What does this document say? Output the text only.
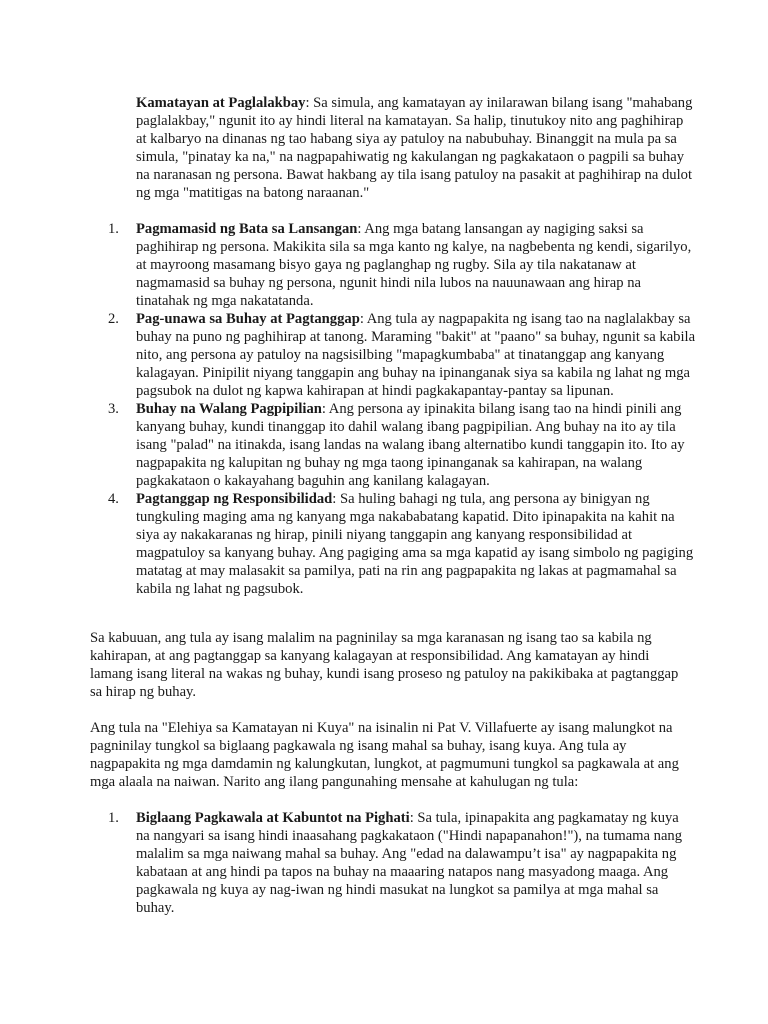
Kamatayan at Paglalakbay: Sa simula, ang kamatayan ay inilarawan bilang isang "mahabang paglalakbay," ngunit ito ay hindi literal na kamatayan. Sa halip, tinutukoy nito ang paghihirap at kalbaryo na dinanas ng tao habang siya ay patuloy na nabubuhay. Binanggit na mula pa sa simula, "pinatay ka na," na nagpapahiwatig ng kakulangan ng pagkakataon o pagpili sa buhay na naranasan ng persona. Bawat hakbang ay tila isang patuloy na pasakit at paghihirap na dulot ng mga "matitigas na batong naraanan."

1. Pagmamasid ng Bata sa Lansangan: Ang mga batang lansangan ay nagiging saksi sa paghihirap ng persona. Makikita sila sa mga kanto ng kalye, na nagbebenta ng kendi, sigarilyo, at mayroong masamang bisyo gaya ng paglanghap ng rugby. Sila ay tila nakatanaw at nagmamasid sa buhay ng persona, ngunit hindi nila lubos na nauunawaan ang hirap na tinatahak ng mga nakatatanda.
2. Pag-unawa sa Buhay at Pagtanggap: Ang tula ay nagpapakita ng isang tao na naglalakbay sa buhay na puno ng paghihirap at tanong. Maraming "bakit" at "paano" sa buhay, ngunit sa kabila nito, ang persona ay patuloy na nagsisilbing "mapagkumbaba" at tinatanggap ang kanyang kalagayan. Pinipilit niyang tanggapin ang buhay na ipinanganak siya sa kabila ng lahat ng mga pagsubok na dulot ng kapwa kahirapan at hindi pagkakapantay-pantay sa lipunan.
3. Buhay na Walang Pagpipilian: Ang persona ay ipinakita bilang isang tao na hindi pinili ang kanyang buhay, kundi tinanggap ito dahil walang ibang pagpipilian. Ang buhay na ito ay tila isang "palad" na itinakda, isang landas na walang ibang alternatibo kundi tanggapin ito. Ito ay nagpapakita ng kalupitan ng buhay ng mga taong ipinanganak sa kahirapan, na walang pagkakataon o kakayahang baguhin ang kanilang kalagayan.
4. Pagtanggap ng Responsibilidad: Sa huling bahagi ng tula, ang persona ay binigyan ng tungkuling maging ama ng kanyang mga nakababatang kapatid. Dito ipinapakita na kahit na siya ay nakakaranas ng hirap, pinili niyang tanggapin ang kanyang responsibilidad at magpatuloy sa kanyang buhay. Ang pagiging ama sa mga kapatid ay isang simbolo ng pagiging matatag at may malasakit sa pamilya, pati na rin ang pagpapakita ng lakas at pagmamahal sa kabila ng lahat ng pagsubok.

Sa kabuuan, ang tula ay isang malalim na pagninilay sa mga karanasan ng isang tao sa kabila ng kahirapan, at ang pagtanggap sa kanyang kalagayan at responsibilidad. Ang kamatayan ay hindi lamang isang literal na wakas ng buhay, kundi isang proseso ng patuloy na pakikibaka at pagtanggap sa hirap ng buhay.

Ang tula na "Elehiya sa Kamatayan ni Kuya" na isinalin ni Pat V. Villafuerte ay isang malungkot na pagninilay tungkol sa biglaang pagkawala ng isang mahal sa buhay, isang kuya. Ang tula ay nagpapakita ng mga damdamin ng kalungkutan, lungkot, at pagmumuni tungkol sa pagkawala at ang mga alaala na naiwan. Narito ang ilang pangunahing mensahe at kahulugan ng tula:

1. Biglaang Pagkawala at Kabuntot na Pighati: Sa tula, ipinapakita ang pagkamatay ng kuya na nangyari sa isang hindi inaasahang pagkakataon ("Hindi napapanahon!"), na tumama nang malalim sa mga naiwang mahal sa buhay. Ang "edad na dalawampu’t isa" ay nagpapakita ng kabataan at ang hindi pa tapos na buhay na maaaring natapos nang masyadong maaga. Ang pagkawala ng kuya ay nag-iwan ng hindi masukat na lungkot sa pamilya at mga mahal sa buhay.
